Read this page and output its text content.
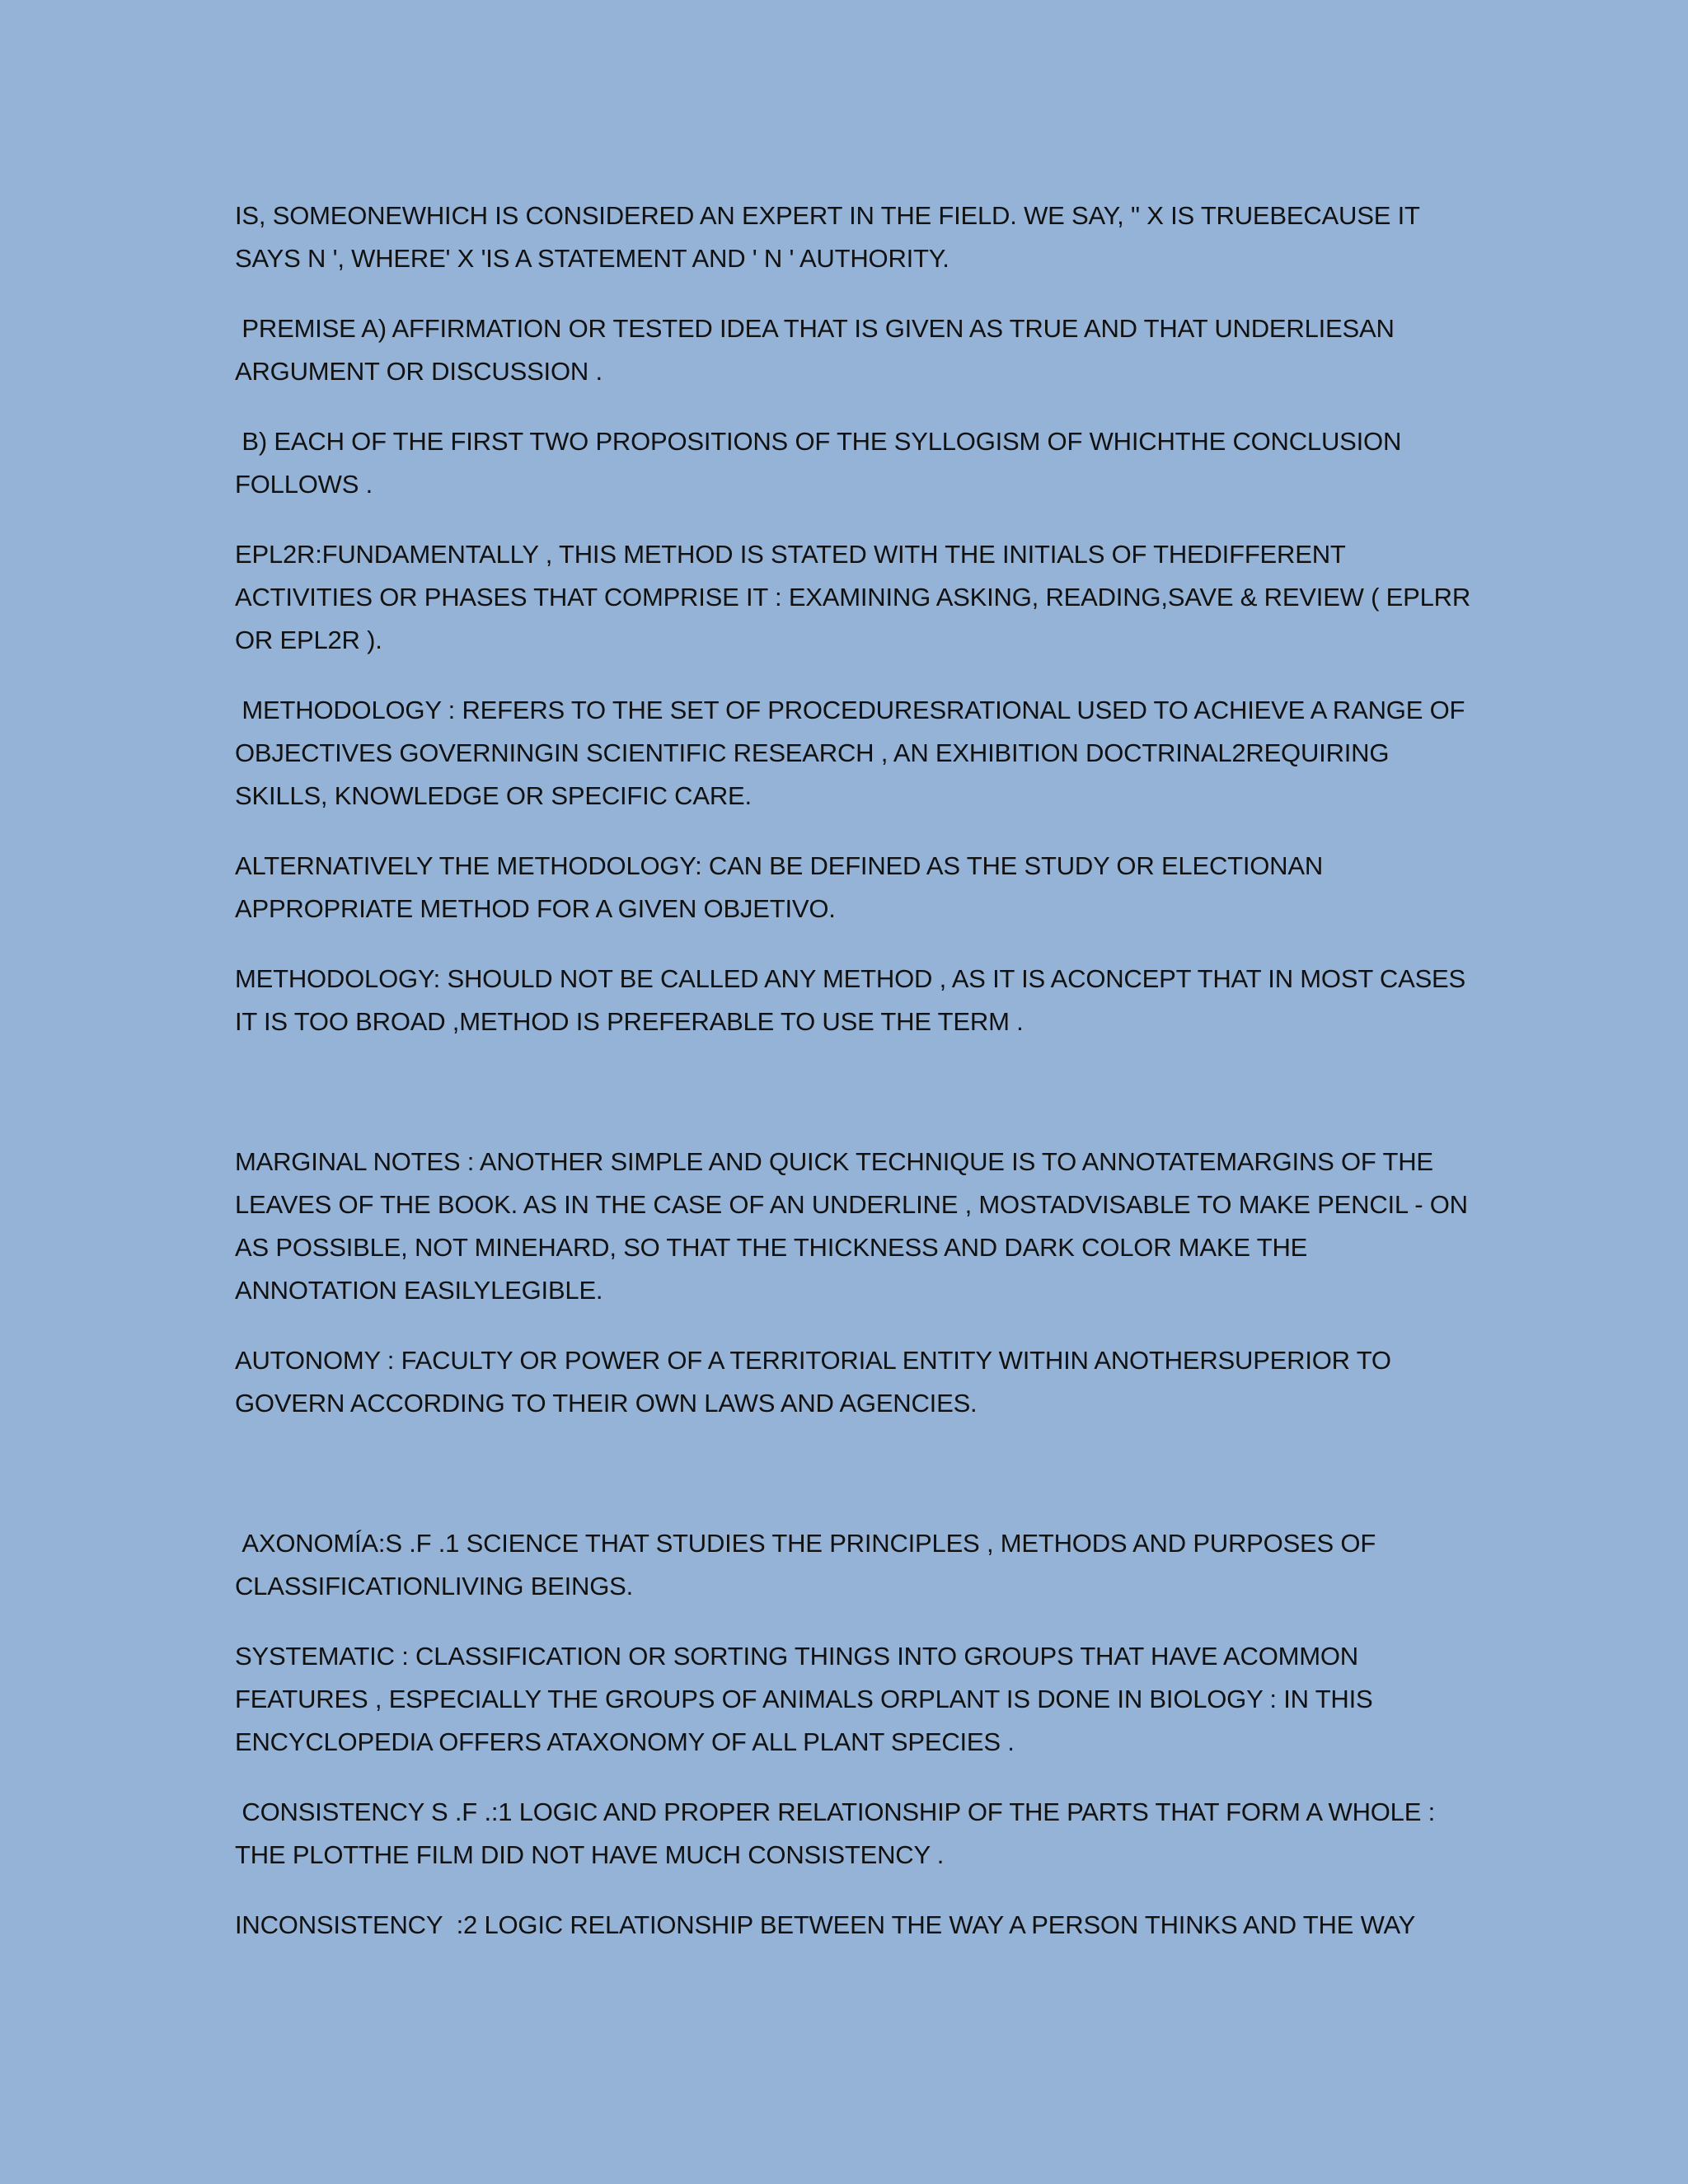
IS, SOMEONEWHICH IS CONSIDERED AN EXPERT IN THE FIELD. WE SAY, " X IS TRUEBECAUSE IT SAYS N ', WHERE' X 'IS A STATEMENT AND ' N ' AUTHORITY.

PREMISE A) AFFIRMATION OR TESTED IDEA THAT IS GIVEN AS TRUE AND THAT UNDERLIESAN ARGUMENT OR DISCUSSION .

B) EACH OF THE FIRST TWO PROPOSITIONS OF THE SYLLOGISM OF WHICHTHE CONCLUSION FOLLOWS .

EPL2R:FUNDAMENTALLY , THIS METHOD IS STATED WITH THE INITIALS OF THEDIFFERENT ACTIVITIES OR PHASES THAT COMPRISE IT : EXAMINING ASKING, READING,SAVE & REVIEW ( EPLRR OR EPL2R ).

METHODOLOGY : REFERS TO THE SET OF PROCEDURESRATIONAL USED TO ACHIEVE A RANGE OF OBJECTIVES GOVERNINGIN SCIENTIFIC RESEARCH , AN EXHIBITION DOCTRINAL2REQUIRING SKILLS, KNOWLEDGE OR SPECIFIC CARE.

ALTERNATIVELY THE METHODOLOGY: CAN BE DEFINED AS THE STUDY OR ELECTIONAN APPROPRIATE METHOD FOR A GIVEN OBJETIVO.

METHODOLOGY: SHOULD NOT BE CALLED ANY METHOD , AS IT IS ACONCEPT THAT IN MOST CASES IT IS TOO BROAD ,METHOD IS PREFERABLE TO USE THE TERM .

MARGINAL NOTES : ANOTHER SIMPLE AND QUICK TECHNIQUE IS TO ANNOTATEMARGINS OF THE LEAVES OF THE BOOK. AS IN THE CASE OF AN UNDERLINE , MOSTADVISABLE TO MAKE PENCIL - ON AS POSSIBLE, NOT MINEHARD, SO THAT THE THICKNESS AND DARK COLOR MAKE THE ANNOTATION EASILYLEGIBLE.

AUTONOMY : FACULTY OR POWER OF A TERRITORIAL ENTITY WITHIN ANOTHERSUPERIOR TO GOVERN ACCORDING TO THEIR OWN LAWS AND AGENCIES.

AXONOMÍA:S .F .1 SCIENCE THAT STUDIES THE PRINCIPLES , METHODS AND PURPOSES OF CLASSIFICATIONLIVING BEINGS.

SYSTEMATIC : CLASSIFICATION OR SORTING THINGS INTO GROUPS THAT HAVE ACOMMON FEATURES , ESPECIALLY THE GROUPS OF ANIMALS ORPLANT IS DONE IN BIOLOGY : IN THIS ENCYCLOPEDIA OFFERS ATAXONOMY OF ALL PLANT SPECIES .

CONSISTENCY S .F .:1 LOGIC AND PROPER RELATIONSHIP OF THE PARTS THAT FORM A WHOLE : THE PLOTTHE FILM DID NOT HAVE MUCH CONSISTENCY .

INCONSISTENCY  :2 LOGIC RELATIONSHIP BETWEEN THE WAY A PERSON THINKS AND THE WAY
